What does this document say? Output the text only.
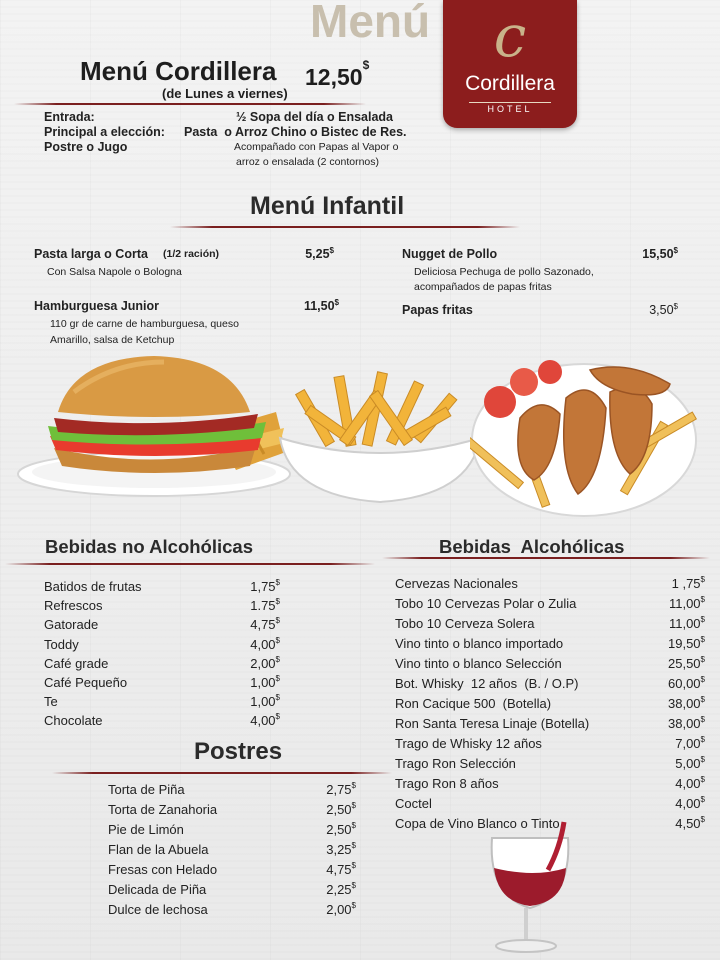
Menú	c
Cordillera
HOTEL
Menú Cordillera 12,50$
(de Lunes a viernes)
Entrada:	½ Sopa del día o Ensalada
Principal a elección: Pasta  o Arroz Chino o Bistec de Res.
Postre o Jugo	Acompañado con Papas al Vapor o
arroz o ensalada (2 contornos)
Menú Infantil
Pasta larga o Corta (1/2 ración)	5,25$
Con Salsa Napole o Bologna
Hamburguesa Junior	11,50$
110 gr de carne de hamburguesa, queso
Amarillo, salsa de Ketchup
Nugget de Pollo	15,50$
Deliciosa Pechuga de pollo Sazonado,
acompañados de papas fritas
Papas fritas	3,50$
Bebidas no Alcohólicas
Batidos de frutas	1,75$
Refrescos	1.75$
Gatorade	4,75$
Toddy	4,00$
Café grade	2,00$
Café Pequeño	1,00$
Te	1,00$
Chocolate	4,00$
Postres
Torta de Piña	2,75$
Torta de Zanahoria	2,50$
Pie de Limón	2,50$
Flan de la Abuela	3,25$
Fresas con Helado	4,75$
Delicada de Piña	2,25$
Dulce de lechosa	2,00$
Bebidas  Alcohólicas
Cervezas Nacionales	1 ,75$
Tobo 10 Cervezas Polar o Zulia	11,00$
Tobo 10 Cerveza Solera	11,00$
Vino tinto o blanco importado	19,50$
Vino tinto o blanco Selección	25,50$
Bot. Whisky  12 años  (B. / O.P)	60,00$
Ron Cacique 500  (Botella)	38,00$
Ron Santa Teresa Linaje (Botella)	38,00$
Trago de Whisky 12 años	7,00$
Trago Ron Selección	5,00$
Trago Ron 8 años	4,00$
Coctel	4,00$
Copa de Vino Blanco o Tinto	4,50$
